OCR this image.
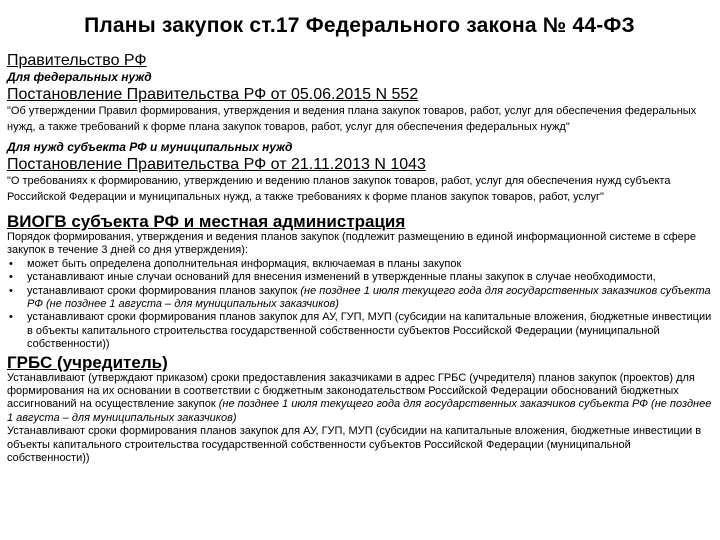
Планы закупок ст.17 Федерального закона № 44-ФЗ
Правительство РФ
Для федеральных нужд
Постановление Правительства РФ от 05.06.2015 N 552
"Об утверждении Правил формирования, утверждения и ведения плана закупок товаров, работ, услуг для обеспечения федеральных нужд, а также требований к форме плана закупок товаров, работ, услуг для обеспечения федеральных нужд"
Для нужд субъекта РФ и муниципальных нужд
Постановление Правительства РФ от 21.11.2013 N 1043
"О требованиях к формированию, утверждению и ведению планов закупок товаров, работ, услуг для обеспечения нужд субъекта Российской Федерации и муниципальных нужд, а также требованиях к форме планов закупок товаров, работ, услуг"
ВИОГВ субъекта РФ и местная администрация
Порядок формирования, утверждения и ведения планов закупок (подлежит размещению в единой информационной системе в сфере закупок в течение 3 дней со дня утверждения):
• может быть определена дополнительная информация, включаемая в планы закупок
• устанавливают иные случаи оснований для внесения изменений в утвержденные планы закупок в случае необходимости,
• устанавливают сроки формирования планов закупок (не позднее 1 июля текущего года для государственных заказчиков субъекта РФ (не позднее 1 августа – для муниципальных заказчиков)
• устанавливают сроки формирования планов закупок для АУ, ГУП, МУП (субсидии на капитальные вложения, бюджетные инвестиции в объекты капитального строительства государственной собственности субъектов Российской Федерации (муниципальной собственности))
ГРБС (учредитель)
Устанавливают (утверждают приказом) сроки предоставления заказчиками в адрес ГРБС (учредителя) планов закупок (проектов) для формирования на их основании в соответствии с бюджетным законодательством Российской Федерации обоснований бюджетных ассигнований на осуществление закупок (не позднее 1 июля текущего года для государственных заказчиков субъекта РФ (не позднее 1 августа – для муниципальных заказчиков)
Устанавливают сроки формирования планов закупок для АУ, ГУП, МУП (субсидии на капитальные вложения, бюджетные инвестиции в объекты капитального строительства государственной собственности субъектов Российской Федерации (муниципальной собственности))
